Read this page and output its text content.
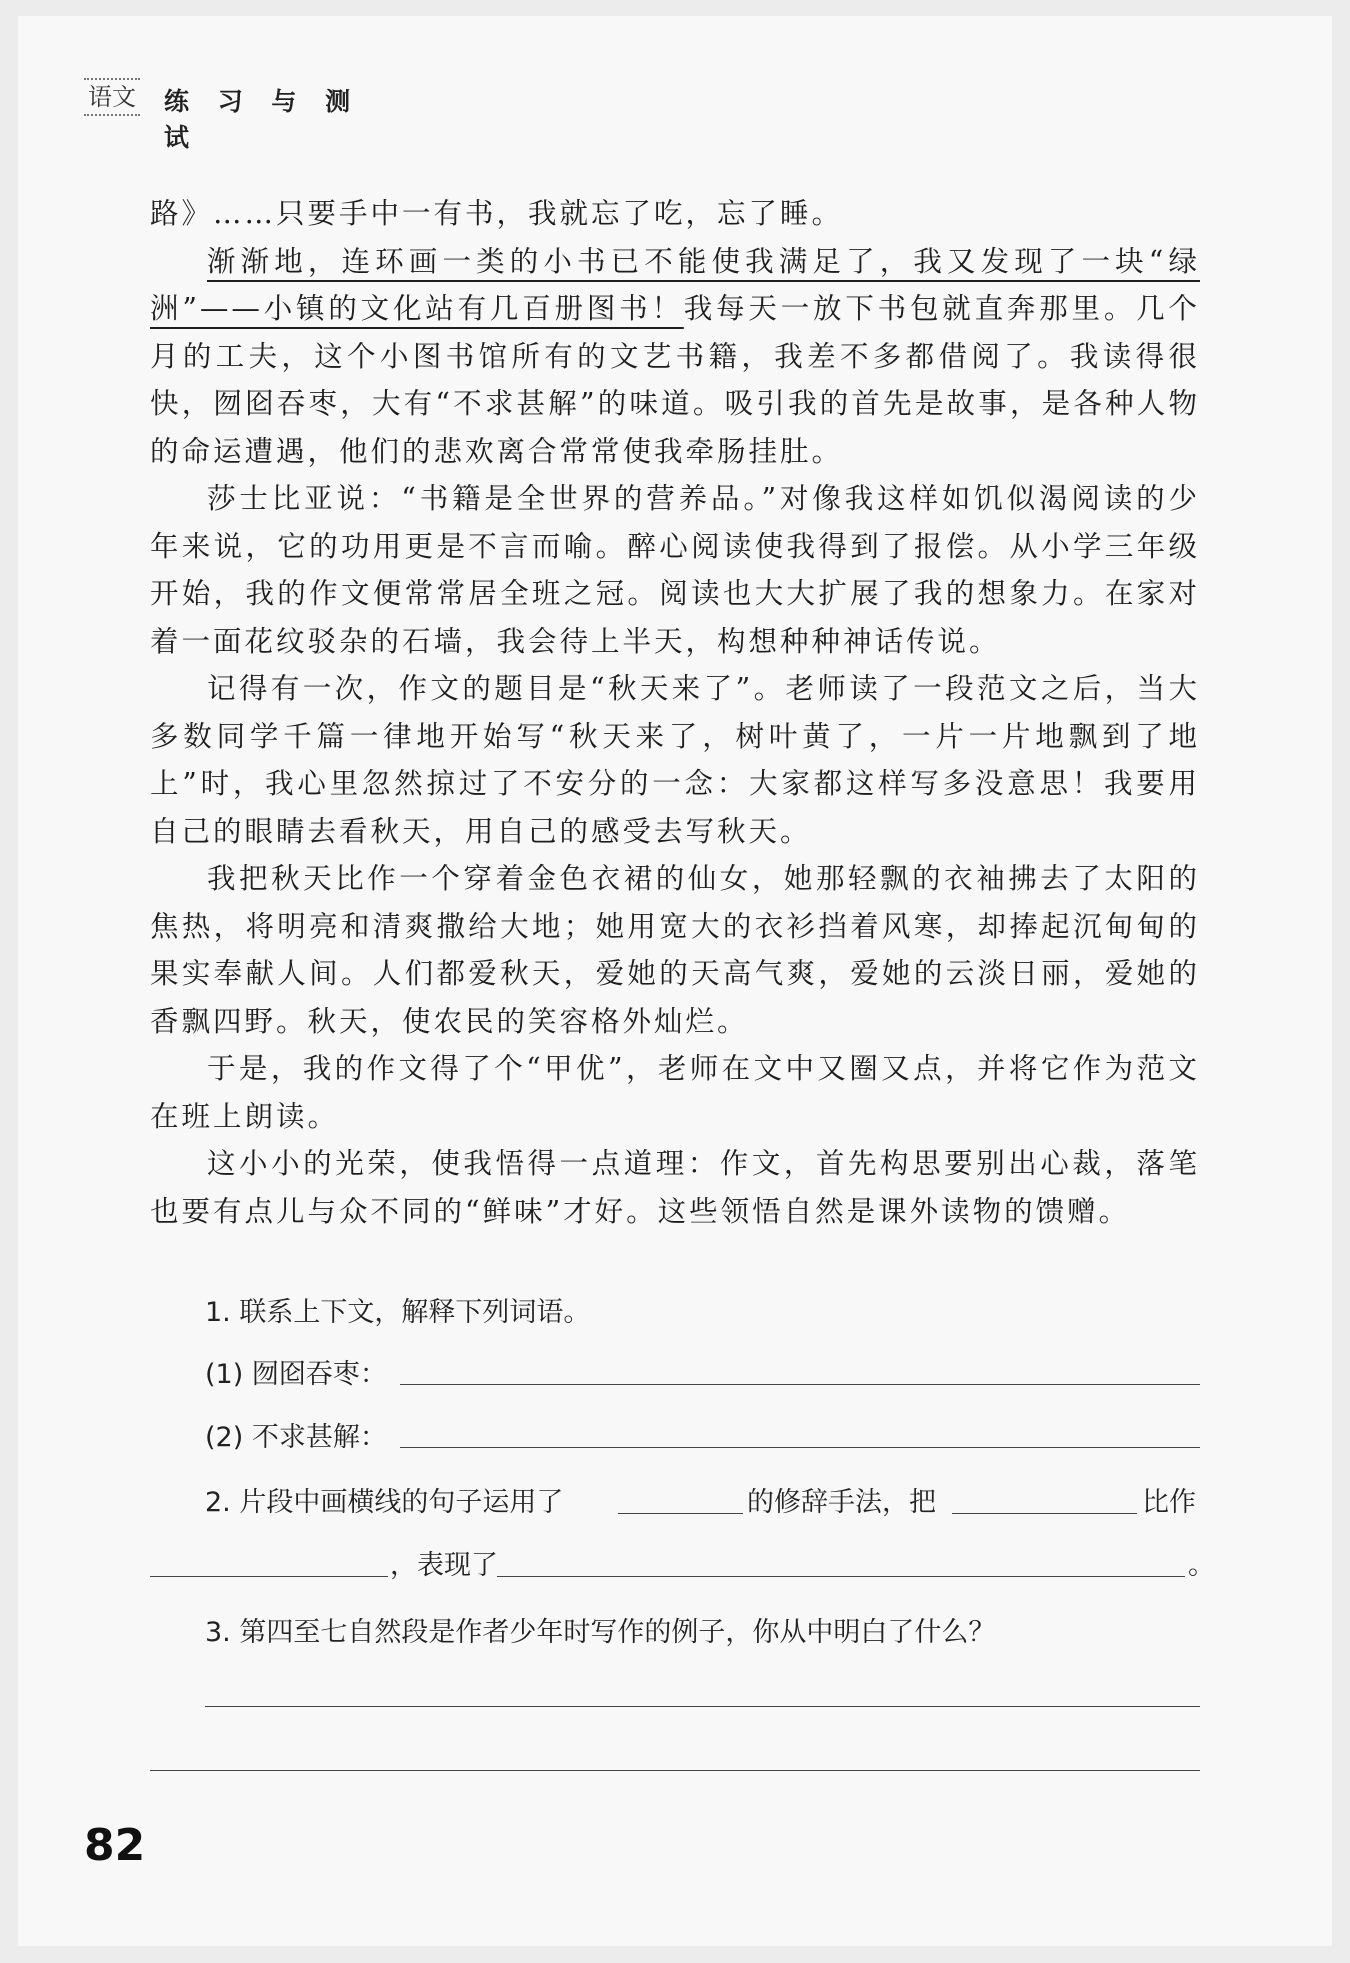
语文 练 习 与 测 试

路》……只要手中一有书，我就忘了吃，忘了睡。

渐渐地，连环画一类的小书已不能使我满足了，我又发现了一块“绿洲”——小镇的文化站有几百册图书！我每天一放下书包就直奔那里。几个月的工夫，这个小图书馆所有的文艺书籍，我差不多都借阅了。我读得很快，囫囵吞枣，大有“不求甚解”的味道。吸引我的首先是故事，是各种人物的命运遭遇，他们的悲欢离合常常使我牵肠挂肚。

莎士比亚说：“书籍是全世界的营养品。”对像我这样如饥似渴阅读的少年来说，它的功用更是不言而喻。醉心阅读使我得到了报偿。从小学三年级开始，我的作文便常常居全班之冠。阅读也大大扩展了我的想象力。在家对着一面花纹驳杂的石墙，我会待上半天，构想种种神话传说。

记得有一次，作文的题目是“秋天来了”。老师读了一段范文之后，当大多数同学千篇一律地开始写“秋天来了，树叶黄了，一片一片地飘到了地上”时，我心里忽然掠过了不安分的一念：大家都这样写多没意思！我要用自己的眼睛去看秋天，用自己的感受去写秋天。

我把秋天比作一个穿着金色衣裙的仙女，她那轻飘的衣袖拂去了太阳的焦热，将明亮和清爽撒给大地；她用宽大的衣衫挡着风寒，却捧起沉甸甸的果实奉献人间。人们都爱秋天，爱她的天高气爽，爱她的云淡日丽，爱她的香飘四野。秋天，使农民的笑容格外灿烂。

于是，我的作文得了个“甲优”，老师在文中又圈又点，并将它作为范文在班上朗读。

这小小的光荣，使我悟得一点道理：作文，首先构思要别出心裁，落笔也要有点儿与众不同的“鲜味”才好。这些领悟自然是课外读物的馈赠。

1. 联系上下文，解释下列词语。
(1) 囫囵吞枣：
(2) 不求甚解：
2. 片段中画横线的句子运用了	的修辞手法，把	比作
，表现了	。
3. 第四至七自然段是作者少年时写作的例子，你从中明白了什么？
82
